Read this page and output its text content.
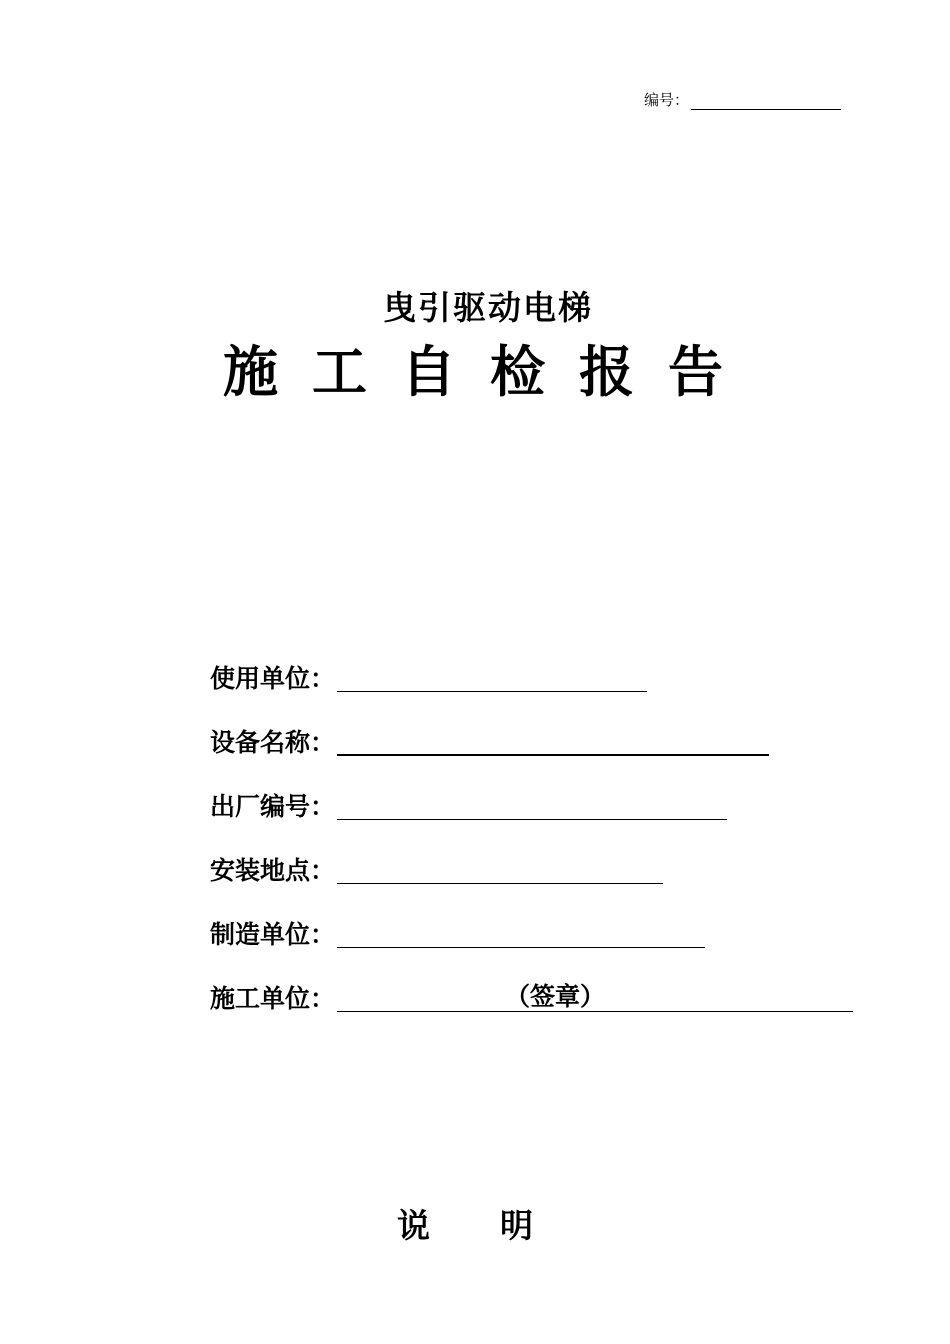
编号：
曳引驱动电梯
施工自检报告
使用单位：
设备名称：
出厂编号：
安装地点：
制造单位：
施工单位：	（签章）
说明
